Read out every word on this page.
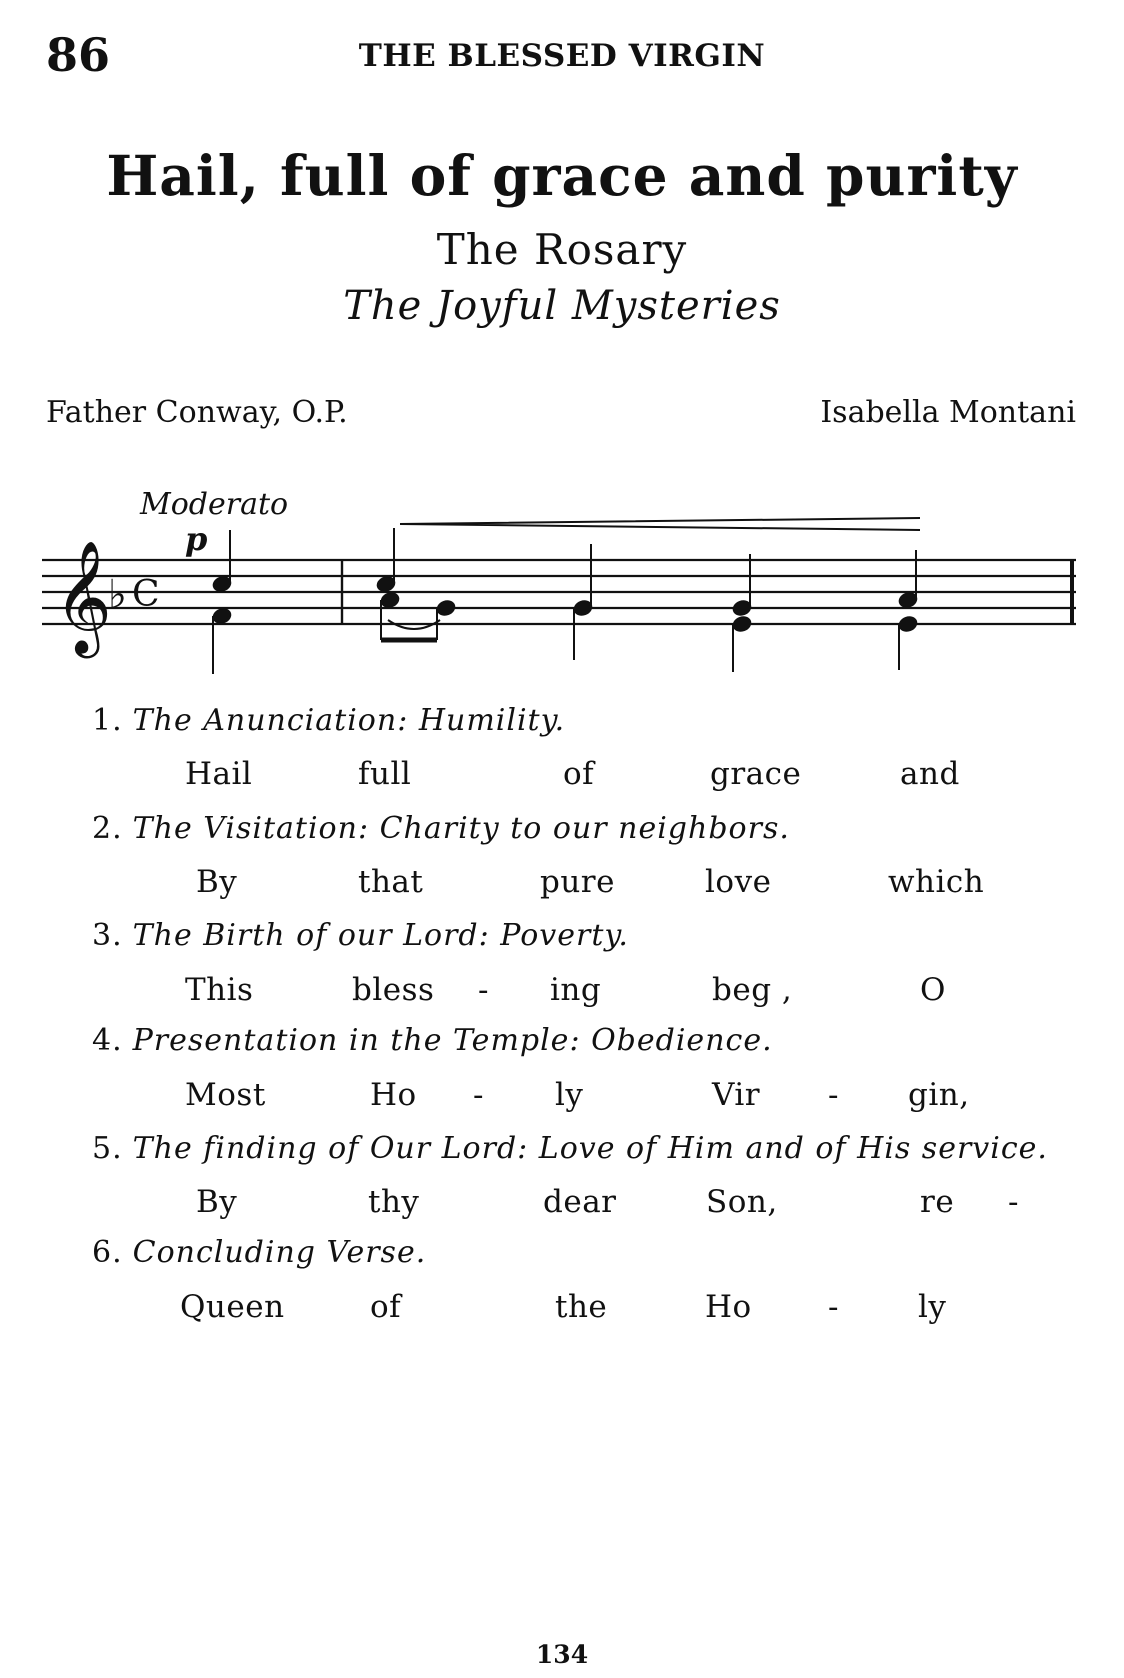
86	THE BLESSED VIRGIN
Hail, full of grace and purity
The Rosary
The Joyful Mysteries
Father Conway, O.P.	Isabella Montani
Moderato
𝄞
♭ C
p
1. The Anunciation: Humility.
Hail	full	of	grace	and
2. The Visitation: Charity to our neighbors.
By	that	pure	love	which
3. The Birth of our Lord: Poverty.
This	bless - ing	beg ,	O
4. Presentation in the Temple: Obedience.
Most	Ho - ly	Vir - gin,
5. The finding of Our Lord: Love of Him and of His service.
By	thy	dear	Son,	re -
6. Concluding Verse.
Queen	of	the	Ho -	ly
134
